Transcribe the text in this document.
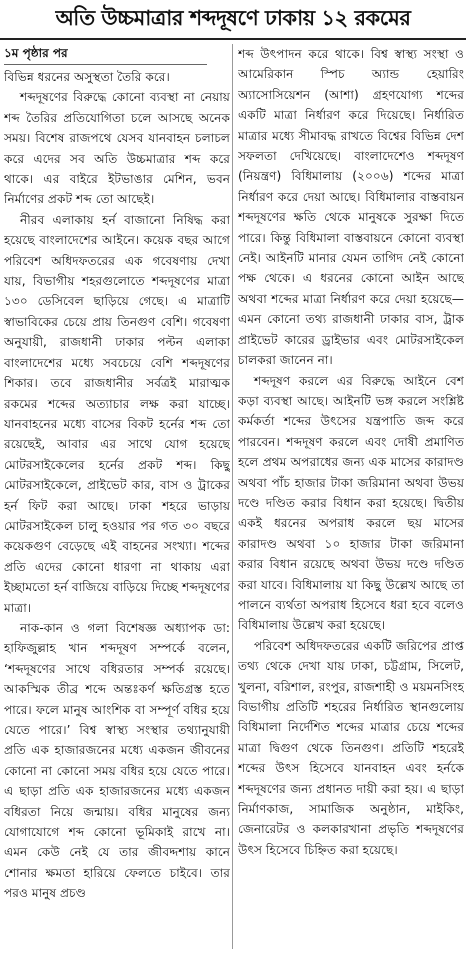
অতি উচ্চমাত্রার শব্দদূষণে ঢাকায় ১২ রকমের
১ম পৃষ্ঠার পর

বিভিন্ন ধরনের অসুস্থতা তৈরি করে।

শব্দদূষণের বিরুদ্ধে কোনো ব্যবস্থা না নেয়ায় শব্দ তৈরির প্রতিযোগিতা চলে আসছে অনেক সময়। বিশেষ রাজপথে যেসব যানবাহন চলাচল করে এদের সব অতি উচ্চমাত্রার শব্দ করে থাকে। এর বাইরে ইটভাঙার মেশিন, ভবন নির্মাণের প্রকট শব্দ তো আছেই।

নীরব এলাকায় হর্ন বাজানো নিষিদ্ধ করা হয়েছে বাংলাদেশের আইনে। কয়েক বছর আগে পরিবেশ অধিদফতরের এক গবেষণায় দেখা যায়, বিভাগীয় শহরগুলোতে শব্দদূষণের মাত্রা ১৩০ ডেসিবেল ছাড়িয়ে গেছে। এ মাত্রাটি স্বাভাবিকের চেয়ে প্রায় তিনগুণ বেশি। গবেষণা অনুযায়ী, রাজধানী ঢাকার পল্টন এলাকা বাংলাদেশের মধ্যে সবচেয়ে বেশি শব্দদূষণের শিকার। তবে রাজধানীর সর্বত্রই মারাত্মক রকমের শব্দের অত্যাচার লক্ষ করা যাচ্ছে। যানবাহনের মধ্যে বাসের বিকট হর্নের শব্দ তো রয়েছেই, আবার এর সাথে যোগ হয়েছে মোটরসাইকেলের হর্নের প্রকট শব্দ। কিছু মোটরসাইকেলে, প্রাইভেট কার, বাস ও ট্রাকের হর্ন ফিট করা আছে। ঢাকা শহরে ভাড়ায় মোটরসাইকেল চালু হওয়ার পর গত ৩০ বছরে কয়েকগুণ বেড়েছে এই বাহনের সংখ্যা। শব্দের প্রতি এদের কোনো ধারণা না থাকায় এরা ইচ্ছামতো হর্ন বাজিয়ে বাড়িয়ে দিচ্ছে শব্দদূষণের মাত্রা।

নাক-কান ও গলা বিশেষজ্ঞ অধ্যাপক ডা: হাফিজুল্লাহ খান শব্দদূষণ সম্পর্কে বলেন, ‘শব্দদূষণের সাথে বধিরতার সম্পর্ক রয়েছে। আকস্মিক তীব্র শব্দে অন্তঃকর্ণ ক্ষতিগ্রস্ত হতে পারে। ফলে মানুষ আংশিক বা সম্পূর্ণ বধির হয়ে যেতে পারে।’ বিশ্ব স্বাস্থ্য সংস্থার তথ্যানুযায়ী প্রতি এক হাজারজনের মধ্যে একজন জীবনের কোনো না কোনো সময় বধির হয়ে যেতে পারে। এ ছাড়া প্রতি এক হাজারজনের মধ্যে একজন বধিরতা নিয়ে জন্মায়। বধির মানুষের জন্য যোগাযোগে শব্দ কোনো ভূমিকাই রাখে না। এমন কেউ নেই যে তার জীবদ্দশায় কানে শোনার ক্ষমতা হারিয়ে ফেলতে চাইবে। তার পরও মানুষ প্রচণ্ড

শব্দ উৎপাদন করে থাকে। বিশ্ব স্বাস্থ্য সংস্থা ও আমেরিকান স্পিচ অ্যান্ড হেয়ারিং অ্যাসোসিয়েশন (আশা) গ্রহণযোগ্য শব্দের একটি মাত্রা নির্ধারণ করে দিয়েছে। নির্ধারিত মাত্রার মধ্যে সীমাবদ্ধ রাখতে বিশ্বের বিভিন্ন দেশ সফলতা দেখিয়েছে। বাংলাদেশেও শব্দদূষণ (নিয়ন্ত্রণ) বিধিমালায় (২০০৬) শব্দের মাত্রা নির্ধারণ করে দেয়া আছে। বিধিমালার বাস্তবায়ন শব্দদূষণের ক্ষতি থেকে মানুষকে সুরক্ষা দিতে পারে। কিন্তু বিধিমালা বাস্তবায়নে কোনো ব্যবস্থা নেই। আইনটি মানার যেমন তাগিদ নেই কোনো পক্ষ থেকে। এ ধরনের কোনো আইন আছে অথবা শব্দের মাত্রা নির্ধারণ করে দেয়া হয়েছে— এমন কোনো তথ্য রাজধানী ঢাকার বাস, ট্রাক প্রাইভেট কারের ড্রাইভার এবং মোটরসাইকেল চালকরা জানেন না।

শব্দদূষণ করলে এর বিরুদ্ধে আইনে বেশ কড়া ব্যবস্থা আছে। আইনটি ভঙ্গ করলে সংশ্লিষ্ট কর্মকর্তা শব্দের উৎসের যন্ত্রপাতি জব্দ করে পারবেন। শব্দদূষণ করলে এবং দোষী প্রমাণিত হলে প্রথম অপরাধের জন্য এক মাসের কারাদণ্ড অথবা পাঁচ হাজার টাকা জরিমানা অথবা উভয় দণ্ডে দণ্ডিত করার বিধান করা হয়েছে। দ্বিতীয় একই ধরনের অপরাধ করলে ছয় মাসের কারাদণ্ড অথবা ১০ হাজার টাকা জরিমানা করার বিধান রয়েছে অথবা উভয় দণ্ডে দণ্ডিত করা যাবে। বিধিমালায় যা কিছু উল্লেখ আছে তা পালনে ব্যর্থতা অপরাধ হিসেবে ধরা হবে বলেও বিধিমালায় উল্লেখ করা হয়েছে।

পরিবেশ অধিদফতরের একটি জরিপের প্রাপ্ত তথ্য থেকে দেখা যায় ঢাকা, চট্টগ্রাম, সিলেট, খুলনা, বরিশাল, রংপুর, রাজশাহী ও ময়মনসিংহ বিভাগীয় প্রতিটি শহরের নির্ধারিত স্থানগুলোয় বিধিমালা নির্দেশিত শব্দের মাত্রার চেয়ে শব্দের মাত্রা দ্বিগুণ থেকে তিনগুণ। প্রতিটি শহরেই শব্দের উৎস হিসেবে যানবাহন এবং হর্নকে শব্দদূষণের জন্য প্রধানত দায়ী করা হয়। এ ছাড়া নির্মাণকাজ, সামাজিক অনুষ্ঠান, মাইকিং, জেনারেটর ও কলকারখানা প্রভৃতি শব্দদূষণের উৎস হিসেবে চিহ্নিত করা হয়েছে।
